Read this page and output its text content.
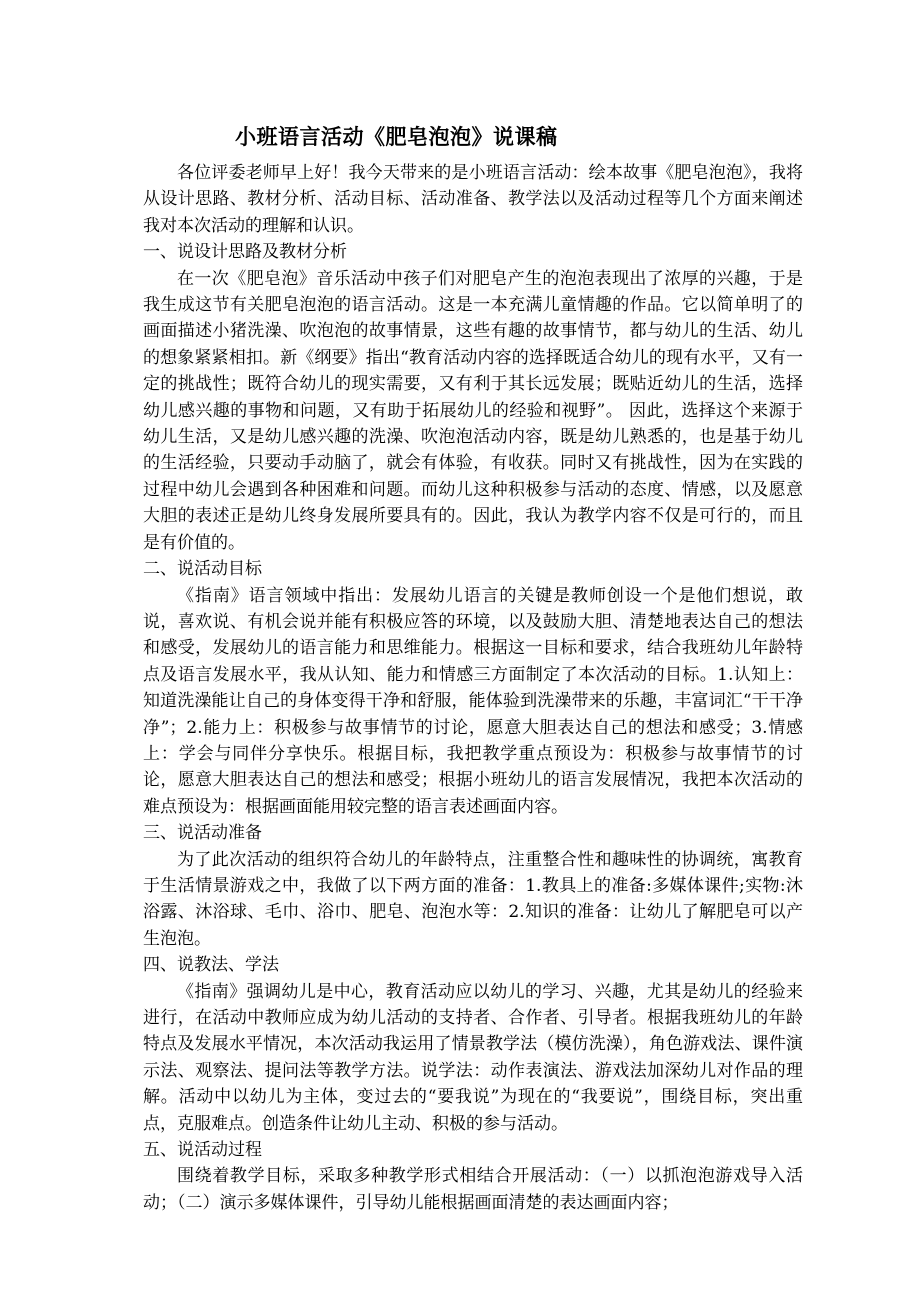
小班语言活动《肥皂泡泡》说课稿

各位评委老师早上好！我今天带来的是小班语言活动：绘本故事《肥皂泡泡》，我将从设计思路、教材分析、活动目标、活动准备、教学法以及活动过程等几个方面来阐述我对本次活动的理解和认识。

一、说设计思路及教材分析

在一次《肥皂泡》音乐活动中孩子们对肥皂产生的泡泡表现出了浓厚的兴趣，于是我生成这节有关肥皂泡泡的语言活动。这是一本充满儿童情趣的作品。它以简单明了的画面描述小猪洗澡、吹泡泡的故事情景，这些有趣的故事情节，都与幼儿的生活、幼儿的想象紧紧相扣。新《纲要》指出“教育活动内容的选择既适合幼儿的现有水平，又有一定的挑战性；既符合幼儿的现实需要，又有利于其长远发展；既贴近幼儿的生活，选择幼儿感兴趣的事物和问题，又有助于拓展幼儿的经验和视野”。 因此，选择这个来源于幼儿生活，又是幼儿感兴趣的洗澡、吹泡泡活动内容，既是幼儿熟悉的，也是基于幼儿的生活经验，只要动手动脑了，就会有体验，有收获。同时又有挑战性，因为在实践的过程中幼儿会遇到各种困难和问题。而幼儿这种积极参与活动的态度、情感，以及愿意大胆的表述正是幼儿终身发展所要具有的。因此，我认为教学内容不仅是可行的，而且是有价值的。

二、说活动目标

《指南》语言领域中指出：发展幼儿语言的关键是教师创设一个是他们想说，敢说，喜欢说、有机会说并能有积极应答的环境，以及鼓励大胆、清楚地表达自己的想法和感受，发展幼儿的语言能力和思维能力。根据这一目标和要求，结合我班幼儿年龄特点及语言发展水平，我从认知、能力和情感三方面制定了本次活动的目标。1.认知上：知道洗澡能让自己的身体变得干净和舒服，能体验到洗澡带来的乐趣，丰富词汇“干干净净”；2.能力上：积极参与故事情节的讨论，愿意大胆表达自己的想法和感受；3.情感上：学会与同伴分享快乐。根据目标，我把教学重点预设为：积极参与故事情节的讨论，愿意大胆表达自己的想法和感受；根据小班幼儿的语言发展情况，我把本次活动的难点预设为：根据画面能用较完整的语言表述画面内容。

三、说活动准备

为了此次活动的组织符合幼儿的年龄特点，注重整合性和趣味性的协调统，寓教育于生活情景游戏之中，我做了以下两方面的准备：1.教具上的准备:多媒体课件;实物:沐浴露、沐浴球、毛巾、浴巾、肥皂、泡泡水等：2.知识的准备：让幼儿了解肥皂可以产生泡泡。

四、说教法、学法

《指南》强调幼儿是中心，教育活动应以幼儿的学习、兴趣，尤其是幼儿的经验来进行，在活动中教师应成为幼儿活动的支持者、合作者、引导者。根据我班幼儿的年龄特点及发展水平情况，本次活动我运用了情景教学法（模仿洗澡），角色游戏法、课件演示法、观察法、提问法等教学方法。说学法：动作表演法、游戏法加深幼儿对作品的理解。活动中以幼儿为主体，变过去的“要我说”为现在的“我要说”，围绕目标，突出重点，克服难点。创造条件让幼儿主动、积极的参与活动。

五、说活动过程

围绕着教学目标，采取多种教学形式相结合开展活动：（一）以抓泡泡游戏导入活动；（二）演示多媒体课件，引导幼儿能根据画面清楚的表达画面内容；
